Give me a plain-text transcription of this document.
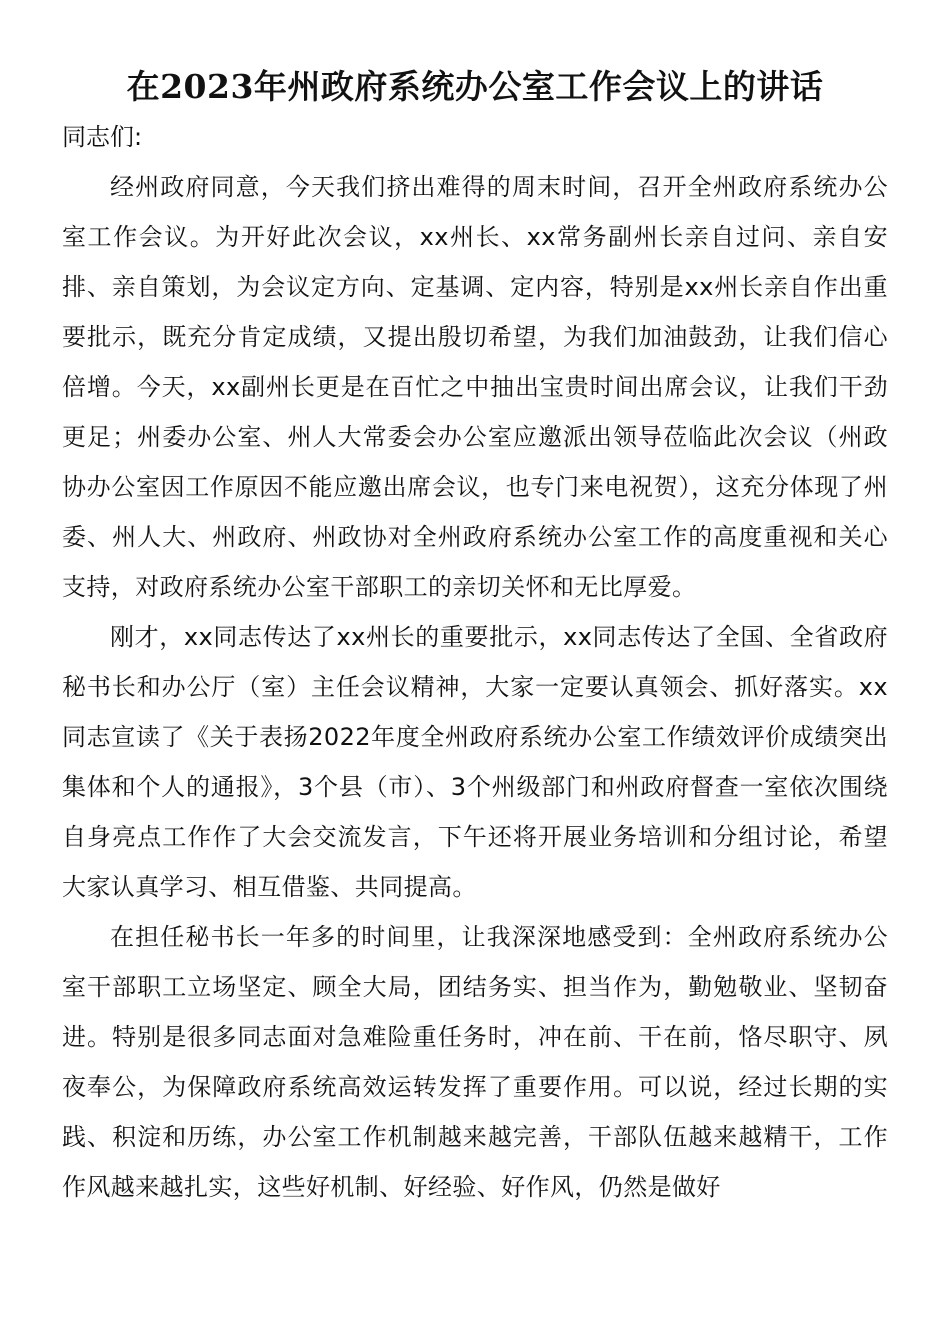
在2023年州政府系统办公室工作会议上的讲话

同志们:

经州政府同意，今天我们挤出难得的周末时间，召开全州政府系统办公室工作会议。为开好此次会议，xx州长、xx常务副州长亲自过问、亲自安排、亲自策划，为会议定方向、定基调、定内容，特别是xx州长亲自作出重要批示，既充分肯定成绩，又提出殷切希望，为我们加油鼓劲，让我们信心倍增。今天，xx副州长更是在百忙之中抽出宝贵时间出席会议，让我们干劲更足；州委办公室、州人大常委会办公室应邀派出领导莅临此次会议（州政协办公室因工作原因不能应邀出席会议，也专门来电祝贺），这充分体现了州委、州人大、州政府、州政协对全州政府系统办公室工作的高度重视和关心支持，对政府系统办公室干部职工的亲切关怀和无比厚爱。

刚才，xx同志传达了xx州长的重要批示，xx同志传达了全国、全省政府秘书长和办公厅（室）主任会议精神，大家一定要认真领会、抓好落实。xx同志宣读了《关于表扬2022年度全州政府系统办公室工作绩效评价成绩突出集体和个人的通报》，3个县（市）、3个州级部门和州政府督查一室依次围绕自身亮点工作作了大会交流发言，下午还将开展业务培训和分组讨论，希望大家认真学习、相互借鉴、共同提高。

在担任秘书长一年多的时间里，让我深深地感受到：全州政府系统办公室干部职工立场坚定、顾全大局，团结务实、担当作为，勤勉敬业、坚韧奋进。特别是很多同志面对急难险重任务时，冲在前、干在前，恪尽职守、夙夜奉公，为保障政府系统高效运转发挥了重要作用。可以说，经过长期的实践、积淀和历练，办公室工作机制越来越完善，干部队伍越来越精干，工作作风越来越扎实，这些好机制、好经验、好作风，仍然是做好
